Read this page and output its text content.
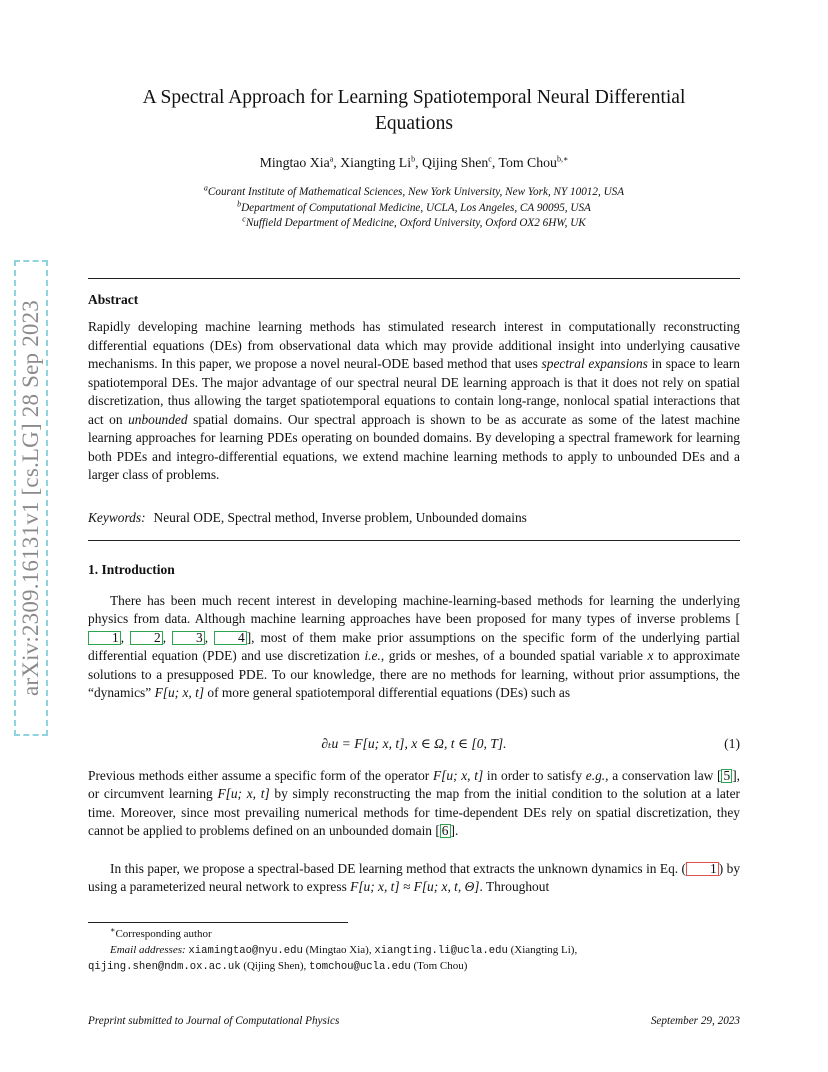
arXiv:2309.16131v1 [cs.LG] 28 Sep 2023
A Spectral Approach for Learning Spatiotemporal Neural Differential
Equations
Mingtao Xia$^a$, Xiangting Li$^b$, Qijing Shen$^c$, Tom Chou$^{b,∗}$
$^a$Courant Institute of Mathematical Sciences, New York University, New York, NY 10012, USA
$^b$Department of Computational Medicine, UCLA, Los Angeles, CA 90095, USA
$^c$Nuffield Department of Medicine, Oxford University, Oxford OX2 6HW, UK
Abstract
Rapidly developing machine learning methods has stimulated research interest in computationally reconstructing differential equations (DEs) from observational data which may provide additional insight into underlying causative mechanisms. In this paper, we propose a novel neural-ODE based method that uses spectral expansions in space to learn spatiotemporal DEs. The major advantage of our spectral neural DE learning approach is that it does not rely on spatial discretization, thus allowing the target spatiotemporal equations to contain long-range, nonlocal spatial interactions that act on unbounded spatial domains. Our spectral approach is shown to be as accurate as some of the latest machine learning approaches for learning PDEs operating on bounded domains. By developing a spectral framework for learning both PDEs and integro-differential equations, we extend machine learning methods to apply to unbounded DEs and a larger class of problems.
Keywords: Neural ODE, Spectral method, Inverse problem, Unbounded domains
1. Introduction
There has been much recent interest in developing machine-learning-based methods for learning the underlying physics from data. Although machine learning approaches have been proposed for many types of inverse problems [1 , 2 , 3 , 4 ], most of them make prior assumptions on the specific form of the underlying partial differential equation (PDE) and use discretization i.e., grids or meshes, of a bounded spatial variable x to approximate solutions to a presupposed PDE. To our knowledge, there are no methods for learning, without prior assumptions, the “dynamics” F[u; x, t] of more general spatiotemporal differential equations (DEs) such as
∂ₜu = F[u; x, t], x ∈ Ω, t ∈ [0, T].	(1)
Previous methods either assume a specific form of the operator F[u; x, t] in order to satisfy e.g., a conservation law [ 5 ], or circumvent learning F[u; x, t] by simply reconstructing the map from the initial condition to the solution at a later time. Moreover, since most prevailing numerical methods for time-dependent DEs rely on spatial discretization, they cannot be applied to problems defined on an unbounded domain [ 6 ].
In this paper, we propose a spectral-based DE learning method that extracts the unknown dynamics in Eq. ( 1 ) by using a parameterized neural network to express F[u; x, t] ≈ F[u; x, t, Θ]. Throughout
∗Corresponding author
Email addresses: xiamingtao@nyu.edu (Mingtao Xia), xiangting.li@ucla.edu (Xiangting Li),
qijing.shen@ndm.ox.ac.uk (Qijing Shen), tomchou@ucla.edu (Tom Chou)
Preprint submitted to Journal of Computational Physics	September 29, 2023
